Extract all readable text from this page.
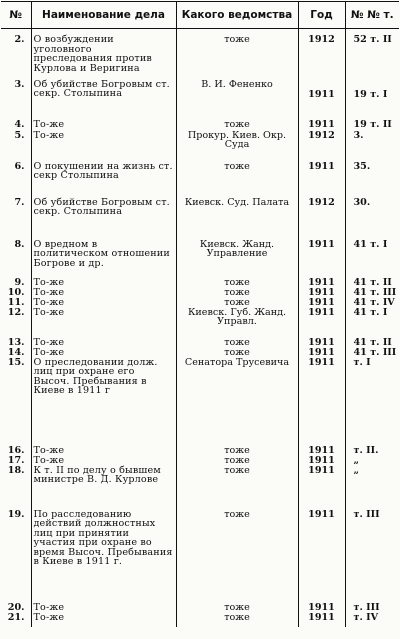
№	Наименование дела	Какого ведомства	Год	№ № т.
2.	О возбуждении уголовного преследования против Курлова и Веригина	тоже	1912	52 т. II
3.	Об убийстве Богровым ст. секр. Столыпина	В. И. Фененко	1911	19 т. I
4.	То-же	тоже	1911	19 т. II
5.	То-же	Прокур. Киев. Окр. Суда	1912	3.
6.	О покушении на жизнь ст. секр Столыпина	тоже	1911	35.
7.	Об убийстве Богровым ст. секр. Столыпина	Киевск. Суд. Палата	1912	30.
8.	О вредном в политическом отношении Богрове и др.	Киевск. Жанд. Управление	1911	41 т. I
9.	То-же	тоже	1911	41 т. II
10.	То-же	тоже	1911	41 т. III
11.	То-же	тоже	1911	41 т. IV
12.	То-же	Киевск. Губ. Жанд. Управл.	1911	41 т. I
13.	То-же	тоже	1911	41 т. II
14.	То-же	тоже	1911	41 т. III
15.	О преследовании долж. лиц при охране его Высоч. Пребывания в Киеве в 1911 г	Сенатора Трусевича	1911	т. I
16.	То-же	тоже	1911	т. II.
17.	То-же	тоже	1911	„
18.	К т. II по делу о бывшем министре В. Д. Курлове	тоже	1911	„
19.	По расследованию действий должностных лиц при принятии участия при охране во время Высоч. Пребывания в Киеве в 1911 г.	тоже	1911	т. III
20.	То-же	тоже	1911	т. III
21.	То-же	тоже	1911	т. IV
